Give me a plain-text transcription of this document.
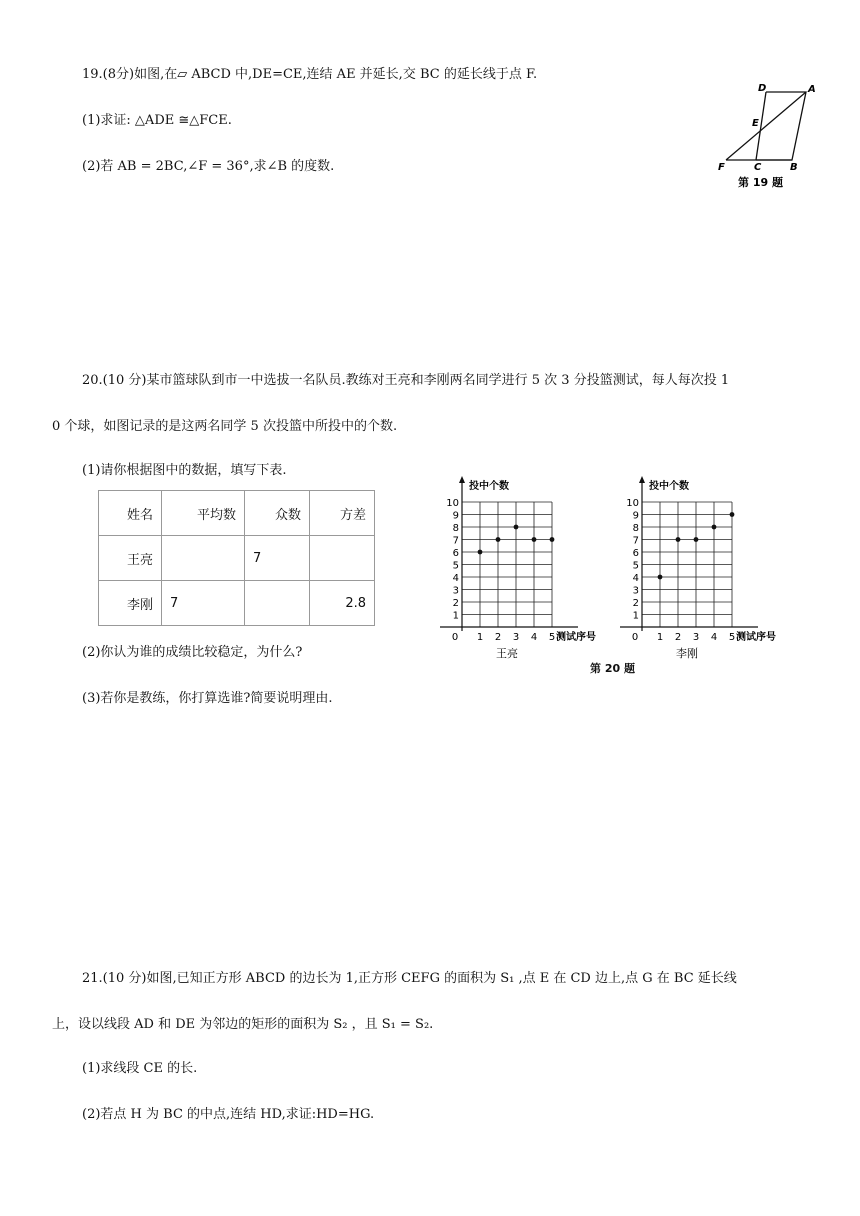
19.(8分)如图,在▱ ABCD 中,DE=CE,连结 AE 并延长,交 BC 的延长线于点 F.
(1)求证: △ADE ≅△FCE.
(2)若 AB = 2BC,∠F = 36°,求∠B 的度数.
D	A
E
F	C	B
第 19 题
20.(10 分)某市篮球队到市一中选拔一名队员.教练对王亮和李刚两名同学进行 5 次 3 分投篮测试，每人每次投 1
0 个球，如图记录的是这两名同学 5 次投篮中所投中的个数.
(1)请你根据图中的数据，填写下表.
姓名	平均数	众数	方差
王亮		7	
李刚	7		2.8
(2)你认为谁的成绩比较稳定，为什么?
(3)若你是教练，你打算选谁?简要说明理由.
1
2
3
4
5
6
7
8
9
10
0 1 2 3 4 5
投中个数
测试序号
王亮
1
2
3
4
5
6
7
8
9
10
0 1 2 3 4 5
投中个数
测试序号
李刚
第 20 题
21.(10 分)如图,已知正方形 ABCD 的边长为 1,正方形 CEFG 的面积为 S₁ ,点 E 在 CD 边上,点 G 在 BC 延长线
上，设以线段 AD 和 DE 为邻边的矩形的面积为 S₂ ，且 S₁ = S₂.
(1)求线段 CE 的长.
(2)若点 H 为 BC 的中点,连结 HD,求证:HD=HG.
